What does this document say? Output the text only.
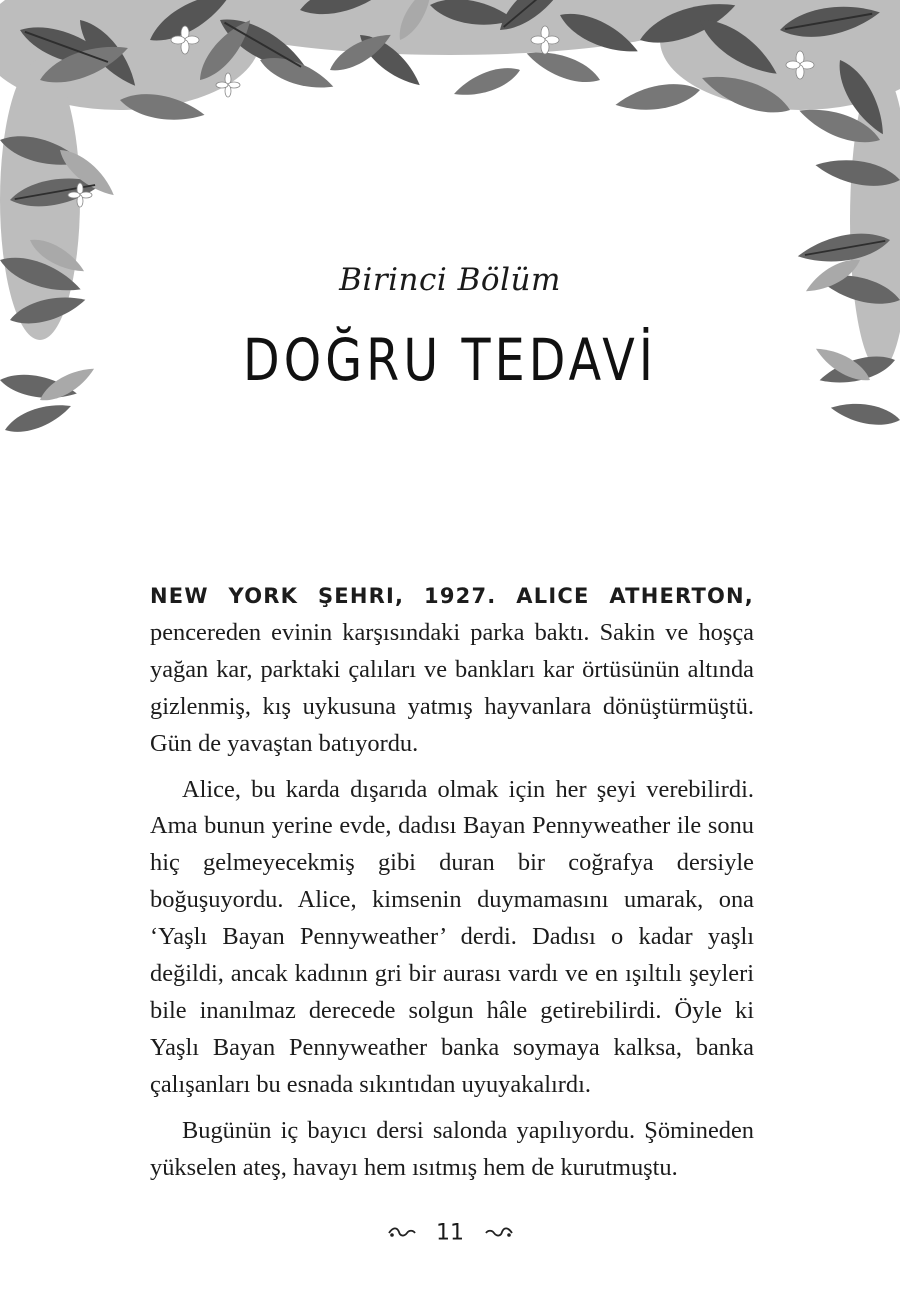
Birinci Bölüm
DOĞRU TEDAVİ

NEW YORK ŞEHRI, 1927. ALICE ATHERTON, pencereden evinin karşısındaki parka baktı. Sakin ve hoşça yağan kar, parktaki çalıları ve bankları kar örtüsünün altında gizlenmiş, kış uykusuna yatmış hayvanlara dönüştürmüştü. Gün de yavaştan batıyordu.

Alice, bu karda dışarıda olmak için her şeyi verebilirdi. Ama bunun yerine evde, dadısı Bayan Pennyweather ile sonu hiç gelmeyecekmiş gibi duran bir coğrafya dersiyle boğuşuyordu. Alice, kimsenin duymamasını umarak, ona ‘Yaşlı Bayan Pennyweather’ derdi. Dadısı o kadar yaşlı değildi, ancak kadının gri bir aurası vardı ve en ışıltılı şeyleri bile inanılmaz derecede solgun hâle getirebilirdi. Öyle ki Yaşlı Bayan Pennyweather banka soymaya kalksa, banka çalışanları bu esnada sıkıntıdan uyuyakalırdı.

Bugünün iç bayıcı dersi salonda yapılıyordu. Şömineden yükselen ateş, havayı hem ısıtmış hem de kurutmuştu.

11
